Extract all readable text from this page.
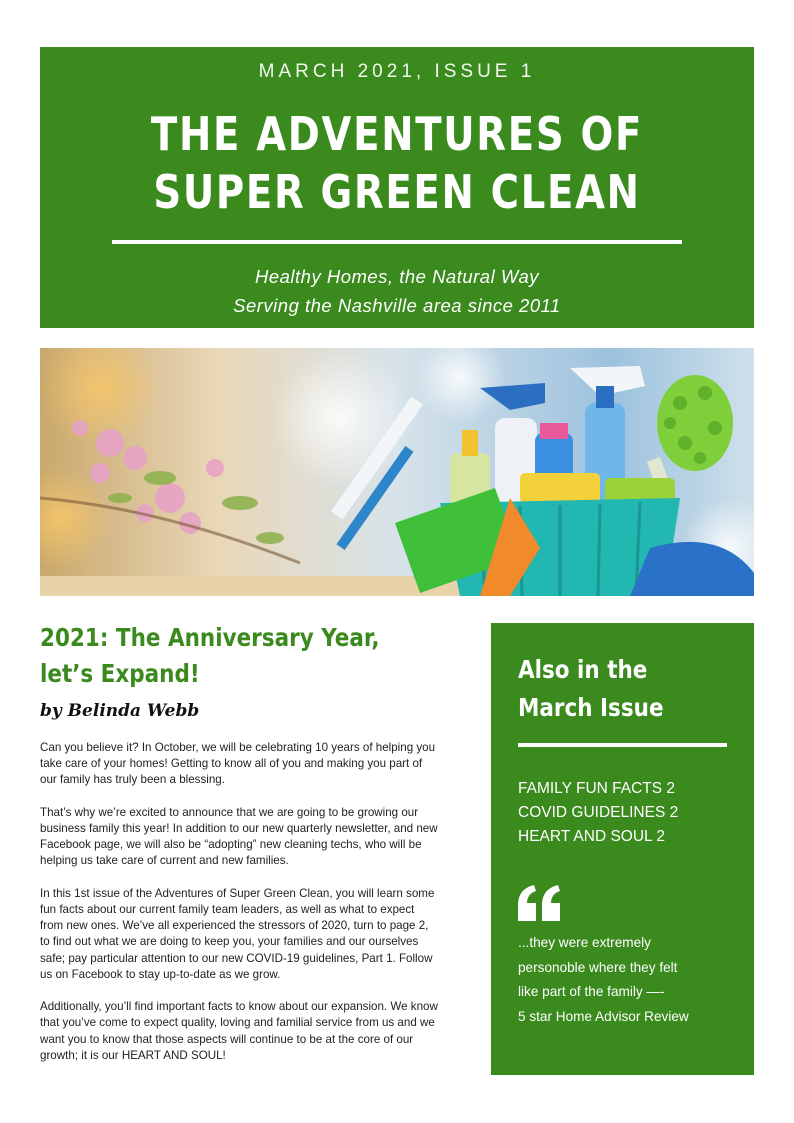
MARCH 2021, ISSUE 1
THE ADVENTURES OF
SUPER GREEN CLEAN
Healthy Homes, the Natural Way
Serving the Nashville area since 2011
2021: The Anniversary Year,
let’s Expand!

by Belinda Webb

Can you believe it? In October, we will be celebrating 10 years of helping you take care of your homes! Getting to know all of you and making you part of our family has truly been a blessing.

That’s why we’re excited to announce that we are going to be growing our business family this year! In addition to our new quarterly newsletter, and new Facebook page, we will also be “adopting” new cleaning techs, who will be helping us take care of current and new families.

In this 1st issue of the Adventures of Super Green Clean, you will learn some fun facts about our current family team leaders, as well as what to expect from new ones. We’ve all experienced the stressors of 2020, turn to page 2, to find out what we are doing to keep you, your families and our ourselves safe; pay particular attention to our new COVID-19 guidelines, Part 1. Follow us on Facebook to stay up-to-date as we grow.

Additionally, you’ll find important facts to know about our expansion. We know that you’ve come to expect quality, loving and familial service from us and we want you to know that those aspects will continue to be at the core of our growth; it is our HEART AND SOUL!

Also in the
March Issue
FAMILY FUN FACTS 2
COVID GUIDELINES 2
HEART AND SOUL 2
...they were extremely
personoble where they felt
like part of the family —-
5 star Home Advisor Review
